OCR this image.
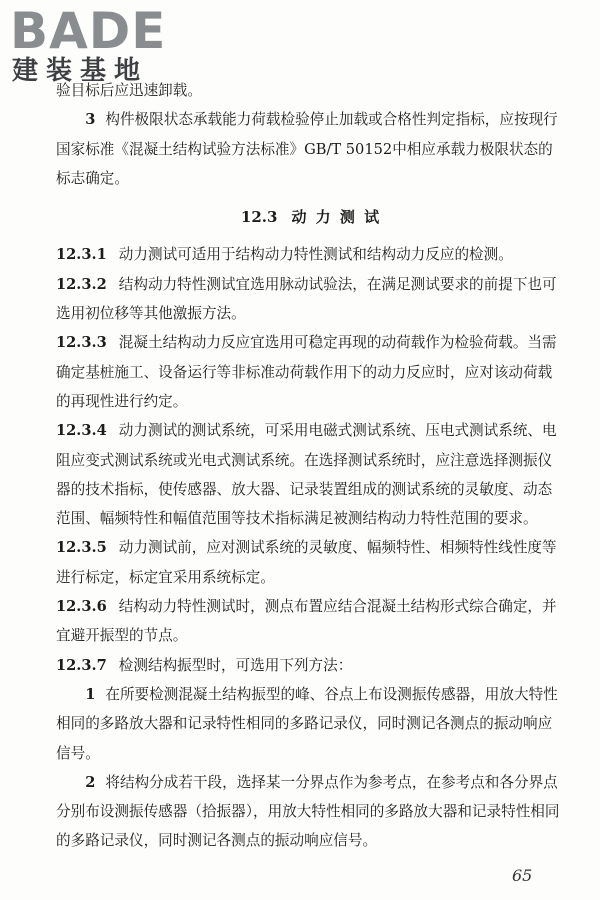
BADE
建装基地

验目标后应迅速卸载。

3 构件极限状态承载能力荷载检验停止加载或合格性判定指标，应按现行国家标准《混凝土结构试验方法标准》GB/T 50152中相应承载力极限状态的标志确定。

12.3 动 力 测 试

12.3.1 动力测试可适用于结构动力特性测试和结构动力反应的检测。

12.3.2 结构动力特性测试宜选用脉动试验法，在满足测试要求的前提下也可选用初位移等其他激振方法。

12.3.3 混凝土结构动力反应宜选用可稳定再现的动荷载作为检验荷载。当需确定基桩施工、设备运行等非标准动荷载作用下的动力反应时，应对该动荷载的再现性进行约定。

12.3.4 动力测试的测试系统，可采用电磁式测试系统、压电式测试系统、电阻应变式测试系统或光电式测试系统。在选择测试系统时，应注意选择测振仪器的技术指标，使传感器、放大器、记录装置组成的测试系统的灵敏度、动态范围、幅频特性和幅值范围等技术指标满足被测结构动力特性范围的要求。

12.3.5 动力测试前，应对测试系统的灵敏度、幅频特性、相频特性线性度等进行标定，标定宜采用系统标定。

12.3.6 结构动力特性测试时，测点布置应结合混凝土结构形式综合确定，并宜避开振型的节点。

12.3.7 检测结构振型时，可选用下列方法：

1 在所要检测混凝土结构振型的峰、谷点上布设测振传感器，用放大特性相同的多路放大器和记录特性相同的多路记录仪，同时测记各测点的振动响应信号。

2 将结构分成若干段，选择某一分界点作为参考点，在参考点和各分界点分别布设测振传感器（拾振器），用放大特性相同的多路放大器和记录特性相同的多路记录仪，同时测记各测点的振动响应信号。

65
